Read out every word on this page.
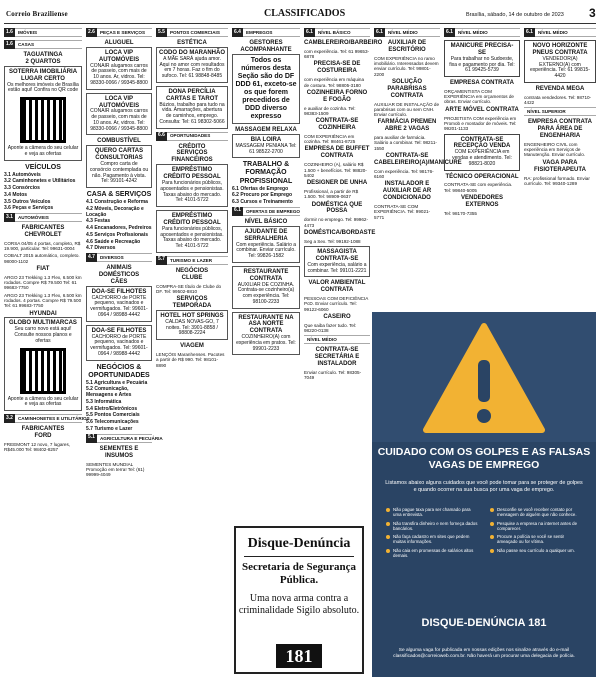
Correio Braziliense	CLASSIFICADOS	Brasília, sábado, 14 de outubro de 2023 3
1.6	IMÓVEIS
1.6	CASAS
TAGUATINGA
2 QUARTOS
SOTERRA IMOBILIÁRIA LUGAR CERTO
Os melhores imóveis de Brasília estão aqui! Confira no QR code
Aponte a câmera do seu celular e veja as ofertas
VEÍCULOS
3.1 Automóveis
3.2 Caminhonetes e Utilitários
3.3 Consórcios
3.4 Motos
3.5 Outros Veículos
3.6 Peças e Serviços
3.1	AUTOMÓVEIS
FABRICANTES
CHEVROLET
CORSA 04/05 4 portas, completo, R$ 19.900, particular. Tel: 99631-0004
COBALT 2015 automático, completo. 98000-1102
FIAT
ARGO 23 Trekking 1.3 Flex, 6.500 km rodados. Compre R$ 79.500 Tel: 61 99683-7750
ARGO 23 Trekking 1.3 Flex, 6.500 km rodados. 4 portas. Compre R$ 79.500 Tel: 61 99683-7750
HYUNDAI
GLOBO MULTIMARCAS
Seu carro novo está aqui! Consulte nossos planos e ofertas
Aponte a câmera do seu celular e veja as ofertas
3.2	CAMINHONETES E UTILITÁRIOS
FABRICANTES
FORD
FREEMONT 12 novo, 7 lugares, R$45.000 Tel: 98402-8257
2.6	PEÇAS E SERVIÇOS
ALUGUEL
LOCA VIP AUTOMÓVEIS
CONAIR alugamos carros de passeio, com mais de 10 anos. Ar, vidros. Tel: 98330-0066 / 99345-8800
LOCA VIP AUTOMÓVEIS
CONAIR alugamos carros de passeio, com mais de 10 anos. Ar, vidros. Tel: 98330-0066 / 99345-8800
COMBUSTÍVEL
QUERO CARTAS CONSULTORIAS
Compro carta de consórcio contemplada ou não. Pagamento à vista. Tel: 99101-4242
CASA & SERVIÇOS
4.1 Construção e Reforma
4.2 Móveis, Decoração e Locação
4.3 Festas
4.4 Encanadores, Pedreiros
4.5 Serviços Profissionais
4.6 Saúde e Recreação
4.7 Diversos
4.7	DIVERSOS
ANIMAIS DOMÉSTICOS
CÃES
DOA-SE FILHOTES
CACHORRO de PORTE pequeno, vacinados e vermifugados. Tel: 99601-0964 / 98988-4442
DOA-SE FILHOTES
CACHORRO de PORTE pequeno, vacinados e vermifugados. Tel: 99601-0964 / 98988-4442
NEGÓCIOS & OPORTUNIDADES
5.1 Agricultura e Pecuária
5.2 Comunicação, Mensagens e Artes
5.3 Informática
5.4 Eletro/Eletrônicos
5.5 Pontos Comerciais
5.6 Telecomunicações
5.7 Turismo e Lazer
5.1	AGRICULTURA E PECUÁRIA
SEMENTES E INSUMOS
SEMENTES MUNDIAL Promoção em terra! Tel: (61) 99999-4049
5.5	PONTOS COMERCIAIS
ESTÉTICA
CODO DO MARANHÃO
A MÃE SARÁ ajuda amor. Aqui no amor com resultados em 7 horas. Faz o fim do sufoco. Tel: 61 98848-8485
DONA PERCÍLIA CARTAS E TAROT
Búzios, trabalho para tudo na vida. Amarrações, abertura de caminhos, emprego. Consulta: Tel: 61 98302-5066
6.6	OPORTUNIDADES
CRÉDITO
SERVIÇOS FINANCEIROS
EMPRÉSTIMO CRÉDITO PESSOAL
Para funcionários públicos, aposentados e pensionistas. Taxas abaixo do mercado. Tel: 4101-5722
EMPRÉSTIMO CRÉDITO PESSOAL
Para funcionários públicos, aposentados e pensionistas. Taxas abaixo do mercado. Tel: 4101-5722
5.7	TURISMO E LAZER
NEGÓCIOS
CLUBE
COMPRA-SE título de Clube do DF. Tel: 99502-8810
SERVIÇOS
TEMPORADA
HOTEL HOT SPRINGS
CALDAS NOVAS-GO, 7 noites. Tel: 3901-8858 / 98808-2224
VIAGEM
LENÇÓIS Maranhenses. Pacotes a partir de R$ 990. Tel: 98101-8890
6.4	EMPREGOS
GESTORES
ACOMPANHANTE
Todos os números desta Seção são do DF DDD 61, exceto-se os que forem precedidos de DDD diverso expresso
MASSAGEM RELAXA
BIA LOIRA
MASSAGEM PENIANA Tel: 61 98522-2700
TRABALHO & FORMAÇÃO PROFISSIONAL
6.1 Ofertas de Emprego
6.2 Procuro por Emprego
6.3 Cursos e Treinamento
6.1	OFERTAS DE EMPREGO
NÍVEL BÁSICO
AJUDANTE DE SERRALHERIA
Com experiência. Salário a combinar. Enviar currículo. Tel: 99826-1582
RESTAURANTE CONTRATA
AUXILIAR DE COZINHA. Contrata-se cozinheiro(a) com experiência. Tel: 98100-2233
RESTAURANTE NA ASA NORTE CONTRATA
COZINHEIRO(A) com experiência em pratos. Tel: 99901-2233
6.1	NÍVEL BÁSICO
CAMBLEREIRO/BARBEIRO
com experiência. Tel: 61 99653-6878
PRECISA-SE DE COSTUREIRA
com experiência em máquina de costura. Tel: 98805-3180
COZINHEIRA FORNO E FOGÃO
e auxiliar de cozinha. Tel: 98383-1509
CONTRATA-SE COZINHEIRA
COM EXPERIÊNCIA em cozinha. Tel: 98461-8725
EMPRESA DE BUFFET CONTRATA
COZINHEIRO (A), salário R$ 1.500 + benefícios. Tel: 98820-5402
DESIGNER DE UNHA
Profissional, a partir de R$ 1.500. Tel: 98909-0637
DOMÉSTICA QUE POSSA
dormir no emprego. Tel: 99962-4473
DOMÉSTICA/BORDASTE
Seg a Sex. Tel: 99192-1088
MASSAGISTA CONTRATA-SE
Com experiência, salário a combinar. Tel: 99101-2221
VALOR AMBIENTAL CONTRATA
PESSOAS COM DEFICIÊNCIA PcD. Enviar currículo. Tel: 99122-6060
CASEIRO
Que saiba fazer tudo. Tel: 98220-0138
NÍVEL MÉDIO
CONTRATA-SE SECRETÁRIA E INSTALADOR
Enviar currículo. Tel: 98305-7049
6.1	NÍVEL MÉDIO
AUXILIAR DE ESCRITÓRIO
COM EXPERIÊNCIA no ramo imobiliário. Interessados devem enviar currículo. Tel: 99801-2200
SOLUÇÃO PARABRISAS CONTRATA
AUXILIAR DE INSTALAÇÃO de parabrisas com ou sem CNH. Enviar currículo.
FARMÁCIA PREMEN ABRE 2 VAGAS
para auxiliar de farmácia. Salário a combinar. Tel: 98211-1550
CONTRATA-SE CABELEIREIRO(A)/MANICURE
Com experiência. Tel: 98176-6160
INSTALADOR E AUXILIAR DE AR CONDICIONADO
CONTRATA-SE COM EXPERIÊNCIA. Tel: 99021-5771
6.1	NÍVEL MÉDIO
MANICURE PRECISA-SE
Para trabalhar no Sudoeste, fixa e pagamento por dia. Tel: 61 99425-5739
EMPRESA CONTRATA
ORÇAMENTISTA COM EXPERIÊNCIA em orçamentos de obras. Enviar currículo.
ARTE MÓVEL CONTRATA
PROJETISTA COM experiência em Promob e montador de móveis. Tel: 99201-1133
CONTRATA-SE RECEPÇÃO VENDA
COM EXPERIÊNCIA em vendas e atendimento. Tel: 98821-8020
TÉCNICO OPERACIONAL
CONTRATA-SE com experiência. Tel: 99840-5005
VENDEDORES EXTERNOS
Tel: 98170-7355
6.1	NÍVEL MÉDIO
NOVO HORIZONTE PNEUS CONTRATA
VENDEDOR(A) EXTERNO(A) com experiência. Tel: 61 99815-4420
REVENDA MEGA
contrata vendedores. Tel: 98710-4422
NÍVEL SUPERIOR
EMPRESA CONTRATA PARA ÁREA DE ENGENHARIA
ENGENHEIRO CIVIL com experiência em Serviços de Manutenção. Enviar currículo.
VAGA PARA FISIOTERAPEUTA
RA: profissional formado. Enviar currículo. Tel: 99340-1289
Disque-Denúncia
Secretaria de Segurança Pública.
Uma nova arma contra a criminalidade Sigilo absoluto.
181
CUIDADO COM OS GOLPES E AS FALSAS VAGAS DE EMPREGO
Listamos abaixo alguns cuidados que você pode tomar para se proteger de golpes e quando ocorrer na sua busca por uma vaga de emprego.
Não pague taxa para ser chamado para uma entrevista.
Não transfira dinheiro e nem forneça dados bancários.
Não faça cadastro em sites que pedem muitas informações.
Não caia em promessas de salários altos demais.
Desconfie se você receber contato por mensagem de alguém que não conhece.
Pesquise a empresa na internet antes de comparecer.
Procure a polícia se você se sentir ameaçado ou for vítima.
Não passe seu currículo a qualquer um.
DISQUE-DENÚNCIA 181
Se alguma vaga for publicada em nossas edições nos sinalize através do e-mail classificados@correioweb.com.br. Não haverá um procurar uma delegacia de polícia.
